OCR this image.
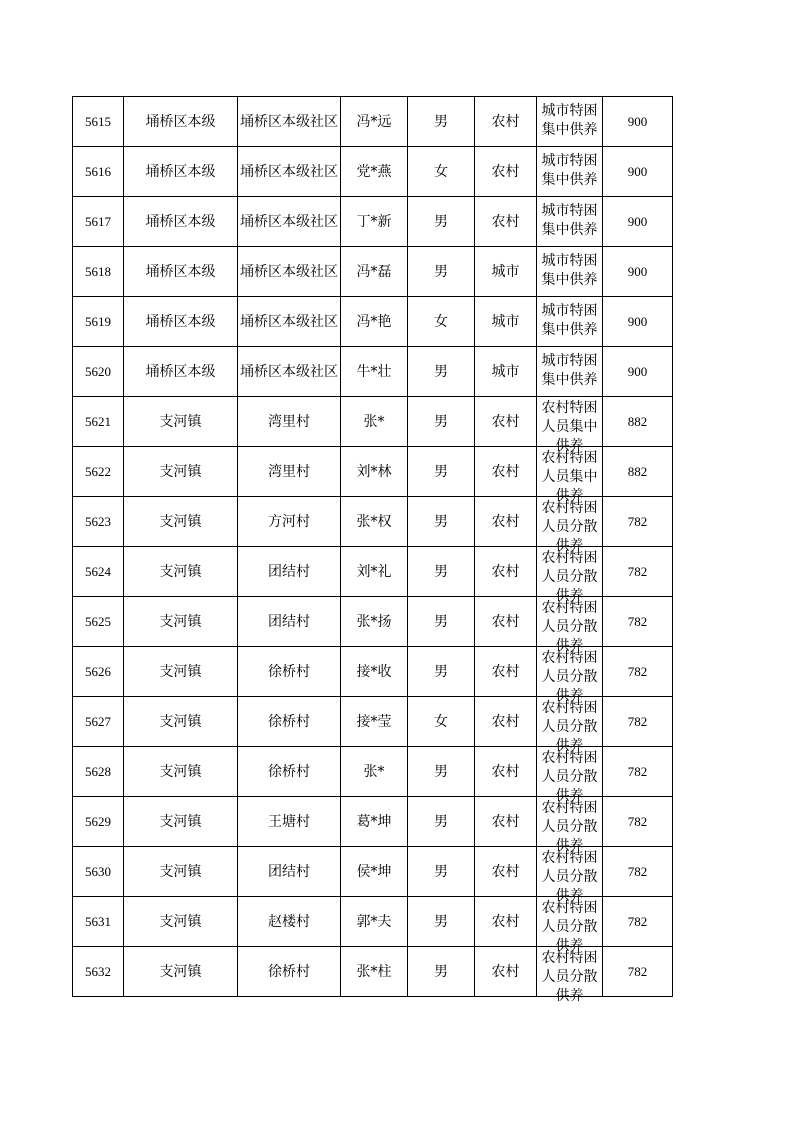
5615	埇桥区本级	埇桥区本级社区	冯*远	男	农村	城市特困集中供养	900
5616	埇桥区本级	埇桥区本级社区	党*燕	女	农村	城市特困集中供养	900
5617	埇桥区本级	埇桥区本级社区	丁*新	男	农村	城市特困集中供养	900
5618	埇桥区本级	埇桥区本级社区	冯*磊	男	城市	城市特困集中供养	900
5619	埇桥区本级	埇桥区本级社区	冯*艳	女	城市	城市特困集中供养	900
5620	埇桥区本级	埇桥区本级社区	牛*壮	男	城市	城市特困集中供养	900
5621	支河镇	湾里村	张*	男	农村	农村特困人员集中供养	882
5622	支河镇	湾里村	刘*林	男	农村	农村特困人员集中供养	882
5623	支河镇	方河村	张*权	男	农村	农村特困人员分散供养	782
5624	支河镇	团结村	刘*礼	男	农村	农村特困人员分散供养	782
5625	支河镇	团结村	张*扬	男	农村	农村特困人员分散供养	782
5626	支河镇	徐桥村	接*收	男	农村	农村特困人员分散供养	782
5627	支河镇	徐桥村	接*莹	女	农村	农村特困人员分散供养	782
5628	支河镇	徐桥村	张*	男	农村	农村特困人员分散供养	782
5629	支河镇	王塘村	葛*坤	男	农村	农村特困人员分散供养	782
5630	支河镇	团结村	侯*坤	男	农村	农村特困人员分散供养	782
5631	支河镇	赵楼村	郭*夫	男	农村	农村特困人员分散供养	782
5632	支河镇	徐桥村	张*柱	男	农村	农村特困人员分散供养	782
